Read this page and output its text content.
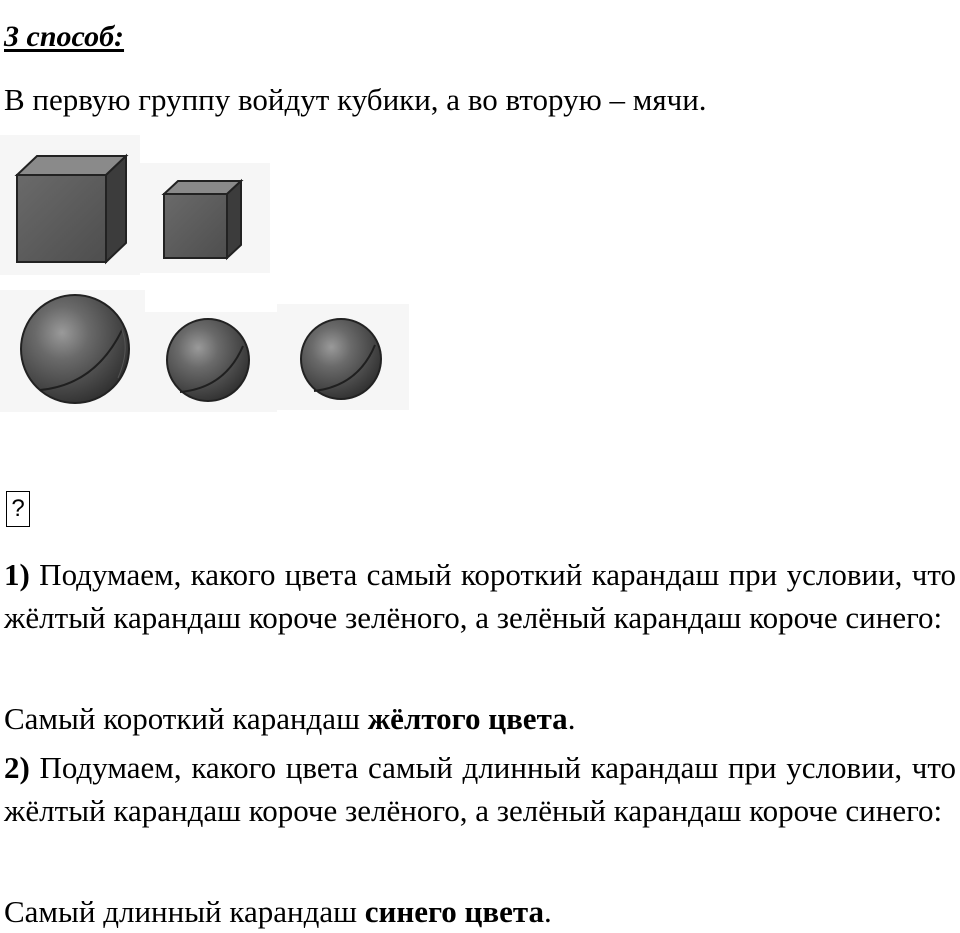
3 способ:
В первую группу войдут кубики, а во вторую – мячи.
?
1) Подумаем, какого цвета самый короткий карандаш при условии, что жёлтый карандаш короче зелёного, а зелёный карандаш короче синего:
Самый короткий карандаш жёлтого цвета.
2) Подумаем, какого цвета самый длинный карандаш при условии, что жёлтый карандаш короче зелёного, а зелёный карандаш короче синего:
Самый длинный карандаш синего цвета.
